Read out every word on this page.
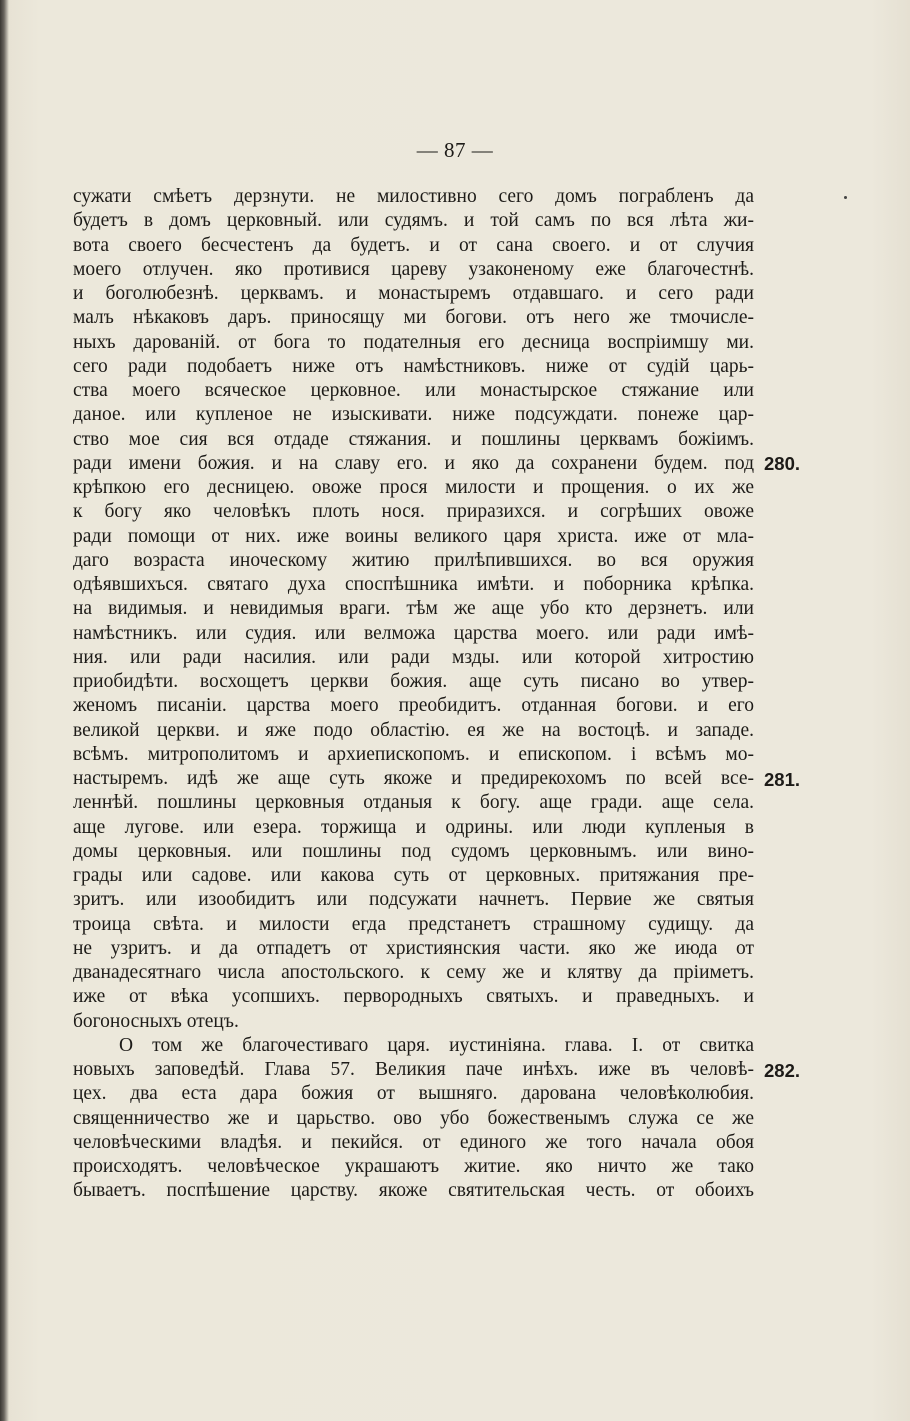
— 87 —
сужати смѣетъ дерзнути. не милостивно сего домъ пограбленъ да
будетъ в домъ церковный. или судямъ. и той самъ по вся лѣта жи-
вота своего бесчестенъ да будетъ. и от сана своего. и от случия
моего отлучен. яко противися цареву узаконеному еже благочестнѣ.
и боголюбезнѣ. церквамъ. и монастыремъ отдавшаго. и сего ради
малъ нѣкаковъ даръ. приносящу ми богови. отъ него же тмочисле-
ныхъ дарованій. от бога то подателныя его десница воспріимшу ми.
сего ради подобаетъ ниже отъ намѣстниковъ. ниже от судій царь-
ства моего всяческое церковное. или монастырское стяжание или
даное. или купленое не изыскивати. ниже подсуждати. понеже цар-
ство мое сия вся отдаде стяжания. и пошлины церквамъ божіимъ.
ради имени божия. и на славу его. и яко да сохранени будем. под
крѣпкою его десницею. овоже прося милости и прощения. о их же
к богу яко человѣкъ плоть нося. приразихся. и согрѣших овоже
ради помощи от них. иже воины великого царя христа. иже от мла-
даго возраста иноческому житию прилѣпившихся. во вся оружия
одѣявшихъся. святаго духа споспѣшника имѣти. и поборника крѣпка.
на видимыя. и невидимыя враги. тѣм же аще убо кто дерзнетъ. или
намѣстникъ. или судия. или велможа царства моего. или ради имѣ-
ния. или ради насилия. или ради мзды. или которой хитростию
приобидѣти. восхощетъ церкви божия. аще суть писано во утвер-
женомъ писаніи. царства моего преобидитъ. отданная богови. и его
великой церкви. и яже подо областію. ея же на востоцѣ. и западе.
всѣмъ. митрополитомъ и архиепископомъ. и епископом. і всѣмъ мо-
настыремъ. идѣ же аще суть якоже и предирекохомъ по всей все-
леннѣй. пошлины церковныя отданыя к богу. аще гради. аще села.
аще лугове. или езера. торжища и одрины. или люди купленыя в
домы церковныя. или пошлины под судомъ церковнымъ. или вино-
грады или садове. или какова суть от церковных. притяжания пре-
зритъ. или изообидитъ или подсужати начнетъ. Первие же святыя
троица свѣта. и милости егда предстанетъ страшному судищу. да
не узритъ. и да отпадетъ от християнския части. яко же июда от
дванадесятнаго числа апостольского. к сему же и клятву да пріиметъ.
иже от вѣка усопшихъ. первородныхъ святыхъ. и праведныхъ. и
богоносныхъ отецъ.
О том же благочестиваго царя. иустиніяна. глава. I. от свитка
новыхъ заповедѣй. Глава 57. Великия паче инѣхъ. иже въ человѣ-
цех. два еста дара божия от вышняго. дарована человѣколюбия.
священничество же и царьство. ово убо божественымъ служа се же
человѣческими владѣя. и пекийся. от единого же того начала обоя
происходятъ. человѣческое украшаютъ житие. яко ничто же тако
бываетъ. поспѣшение царству. якоже святительская честь. от обоихъ
280.
281.
282.
